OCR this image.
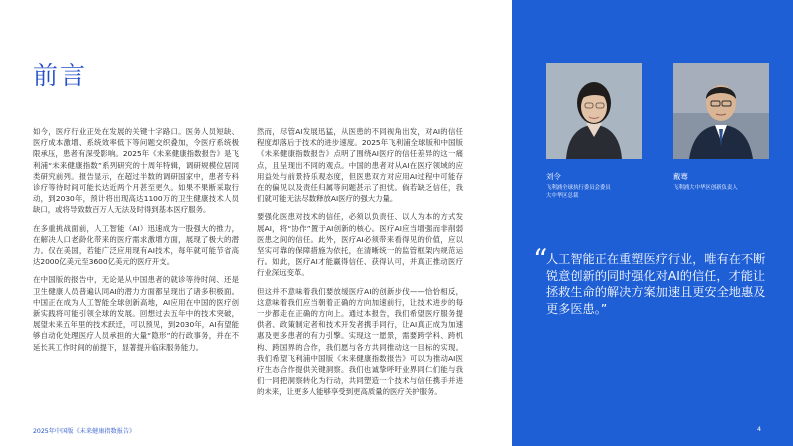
前言

如今，医疗行业正处在发展的关键十字路口。医务人员短缺、医疗成本激增、系统效率低下等问题交织叠加，令医疗系统极限承压，患者有深受影响。2025年《未来健康指数报告》是飞利浦“未来健康指数”系列研究的十周年特辑，调研规模位居同类研究前列。报告显示，在超过半数的调研国家中，患者专科诊疗等待时间可能长达近两个月甚至更久。如果不果断采取行动，到2030年，预计将出现高达1100万的卫生健康技术人员缺口，或将导致数百万人无法及时得到基本医疗服务。

在多重挑战面前，人工智能（AI）迅速成为一股强大的推力，在解决人口老龄化带来的医疗需求激增方面，展现了极大的潜力。仅在美国，若能广泛应用现有AI技术，每年就可能节省高达2000亿美元至3600亿美元的医疗开支。

在中国版的报告中，无论是从中国患者的就诊等待时间、还是卫生健康人员普遍认同AI的潜力方面都呈现出了诸多积极面。中国正在成为人工智能全球创新高地，AI应用在中国的医疗创新实践将可能引领全球的发展。回想过去五年中的技术突破，展望未来五年里的技术跃迁，可以预见，到2030年，AI有望能够自动化处理医疗人员承担的大量“隐形”的行政事务，并在不延长其工作时间的前提下，显著提升临床服务能力。

然而，尽管AI发展迅猛，从医患的不同视角出发，对AI的信任程度却落后于技术的进步速度。2025年飞利浦全球版和中国版《未来健康指数报告》点明了围绕AI医疗的信任差异的这一痛点，且呈现出不同的观点。中国的患者对从AI在医疗领域的应用益处与前景持乐观态度，但医患双方对应用AI过程中可能存在的偏见以及责任归属等问题甚示了担忧。倘若缺乏信任，我们就可能无法尽数释放AI医疗的强大力量。

要强化医患对技术的信任，必须以负责任、以人为本的方式发展AI，将“协作”置于AI创新的核心。医疗AI应当增强而非削弱医患之间的信任。此外，医疗AI必须带来看得见的价值，应以坚实可靠的保障措施为依托，在清晰统一的监管框架内规范运行。如此，医疗AI才能赢得信任、获得认可，并真正推动医疗行业深远变革。

但这并不意味着我们要放缓医疗AI的创新步伐——恰恰相反，这意味着我们应当朝着正确的方向加速前行，让技术进步的每一步都走在正确的方向上。通过本报告，我们希望医疗服务提供者、政策制定者和技术开发者携手同行，让AI真正成为加速惠及更多患者的有力引擎。实现这一愿景，需要跨学科、跨机构、跨国界的合作，我们愿与各方共同推动这一目标的实现。我们希望飞利浦中国版《未来健康指数报告》可以为推动AI医疗生态合作提供关键洞察。我们也诚挚呼吁业界同仁们能与我们一同把洞察转化为行动，共同塑造一个技术与信任携手并进的未来，让更多人能够享受到更高质量的医疗关护服务。

2025年中国版《未来健康指数报告》
刘令
飞利浦全球执行委员会委员
大中华区总裁
戴骞
飞利浦大中华区创新负责人
“
人工智能正在重塑医疗行业，唯有在不断锐意创新的同时强化对AI的信任，才能让拯救生命的解决方案加速且更安全地惠及更多医患。”
4
